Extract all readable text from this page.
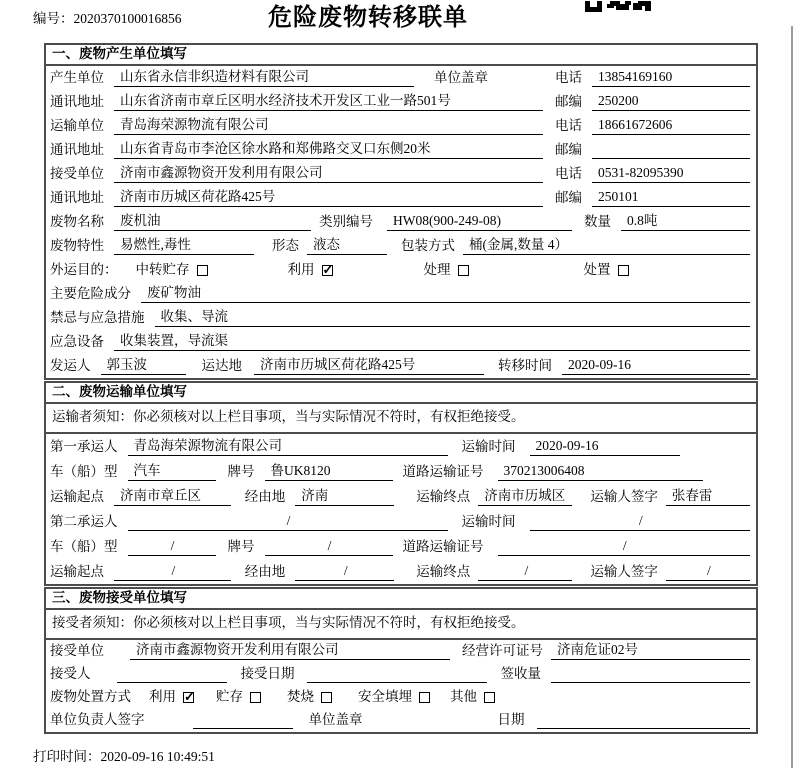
编号：2020370100016856	危险废物转移联单
一、废物产生单位填写
产生单位	山东省永信非织造材料有限公司	单位盖章	电话	13854169160
通讯地址	山东省济南市章丘区明水经济技术开发区工业一路501号	邮编	250200
运输单位	青岛海荣源物流有限公司	电话	18661672606
通讯地址	山东省青岛市李沧区徐水路和郑佛路交叉口东侧20米	邮编
接受单位	济南市鑫源物资开发利用有限公司	电话	0531-82095390
通讯地址	济南市历城区荷花路425号	邮编	250101
废物名称	废机油	类别编号	HW08(900-249-08)	数量	0.8吨
废物特性	易燃性,毒性	形态	液态	包装方式	桶(金属,数量 4）
外运目的： 中转贮存	利用 ✓	处理	处置
主要危险成分	废矿物油
禁忌与应急措施	收集、导流
应急设备	收集装置，导流渠
发运人	郭玉波	运达地	济南市历城区荷花路425号	转移时间	2020-09-16
二、废物运输单位填写
运输者须知：你必须核对以上栏目事项，当与实际情况不符时，有权拒绝接受。
第一承运人	青岛海荣源物流有限公司	运输时间	2020-09-16
车（船）型	汽车	牌号	鲁UK8120	道路运输证号	370213006408
运输起点	济南市章丘区	经由地	济南	运输终点	济南市历城区	运输人签字	张春雷
第二承运人	/	运输时间	/
车（船）型	/	牌号	/	道路运输证号	/
运输起点	/	经由地	/	运输终点	/	运输人签字	/
三、废物接受单位填写
接受者须知：你必须核对以上栏目事项，当与实际情况不符时，有权拒绝接受。
接受单位	济南市鑫源物资开发利用有限公司	经营许可证号	济南危证02号
接受人	接受日期	签收量
废物处置方式 利用 ✓	贮存	焚烧	安全填埋	其他
单位负责人签字	单位盖章	日期
打印时间：2020-09-16 10:49:51
